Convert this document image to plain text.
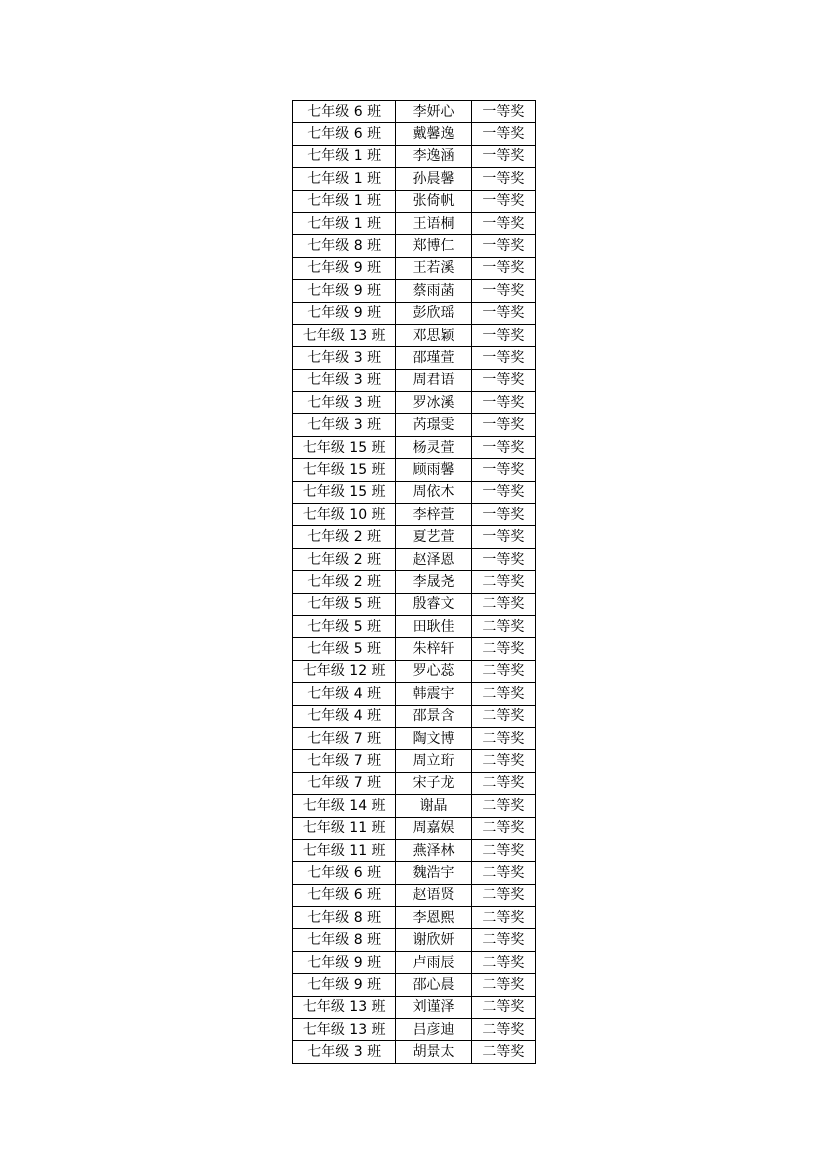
七年级 6 班	李妍心	一等奖
七年级 6 班	戴馨逸	一等奖
七年级 1 班	李逸涵	一等奖
七年级 1 班	孙晨馨	一等奖
七年级 1 班	张倚帆	一等奖
七年级 1 班	王语桐	一等奖
七年级 8 班	郑博仁	一等奖
七年级 9 班	王若溪	一等奖
七年级 9 班	蔡雨菡	一等奖
七年级 9 班	彭欣瑶	一等奖
七年级 13 班	邓思颖	一等奖
七年级 3 班	邵瑾萱	一等奖
七年级 3 班	周君语	一等奖
七年级 3 班	罗冰溪	一等奖
七年级 3 班	芮璟雯	一等奖
七年级 15 班	杨灵萱	一等奖
七年级 15 班	顾雨馨	一等奖
七年级 15 班	周依木	一等奖
七年级 10 班	李梓萱	一等奖
七年级 2 班	夏艺萱	一等奖
七年级 2 班	赵泽恩	一等奖
七年级 2 班	李晟尧	二等奖
七年级 5 班	殷睿文	二等奖
七年级 5 班	田耿佳	二等奖
七年级 5 班	朱梓轩	二等奖
七年级 12 班	罗心蕊	二等奖
七年级 4 班	韩震宇	二等奖
七年级 4 班	邵景含	二等奖
七年级 7 班	陶文博	二等奖
七年级 7 班	周立珩	二等奖
七年级 7 班	宋子龙	二等奖
七年级 14 班	谢晶	二等奖
七年级 11 班	周嘉娱	二等奖
七年级 11 班	燕泽林	二等奖
七年级 6 班	魏浩宇	二等奖
七年级 6 班	赵语贤	二等奖
七年级 8 班	李恩熙	二等奖
七年级 8 班	谢欣妍	二等奖
七年级 9 班	卢雨辰	二等奖
七年级 9 班	邵心晨	二等奖
七年级 13 班	刘谨泽	二等奖
七年级 13 班	吕彦迪	二等奖
七年级 3 班	胡景太	二等奖
